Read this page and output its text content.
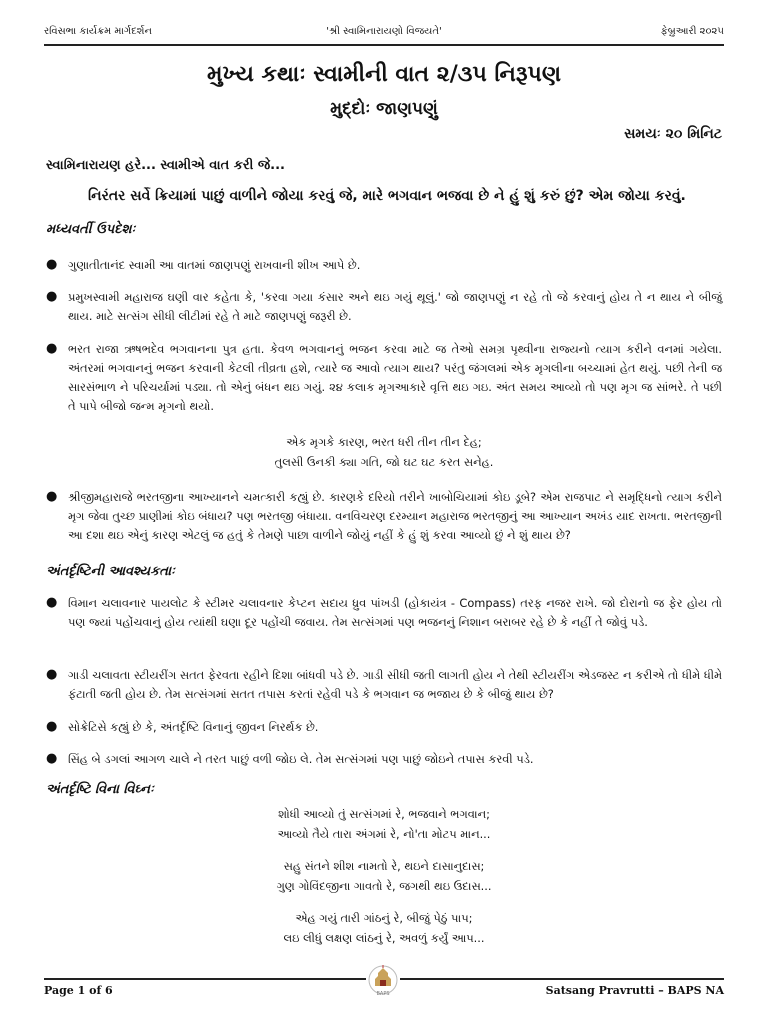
રવિસભા કાર્યક્રમ માર્ગદર્શન	'શ્રી સ્વામિનારાયણો વિજયતે'	ફેબ્રુઆરી ૨૦૨૫
મુખ્ય કથાઃ સ્વામીની વાત ૨/૩૫ નિરૂપણ
મુદ્દોઃ જાણપણું
સમયઃ ૨૦ મિનિટ
સ્વામિનારાયણ હરે... સ્વામીએ વાત કરી જે...
નિરંતર સર્વે ક્રિયામાં પાછું વાળીને જોયા કરવું જે, મારે ભગવાન ભજવા છે ને હું શું કરું છું? એમ જોયા કરવું.
મધ્યવર્તી ઉપદેશઃ
● ગુણાતીતાનંદ સ્વામી આ વાતમાં જાણપણું રાખવાની શીખ આપે છે.
● પ્રમુખસ્વામી મહારાજ ઘણી વાર કહેતા કે, 'કરવા ગયા કંસાર અને થઇ ગયું થૂલું.' જો જાણપણું ન રહે તો જે કરવાનું હોય તે ન થાય ને બીજું થાય. માટે સત્સંગ સીધી લીટીમાં રહે તે માટે જાણપણું જરૂરી છે.
● ભરત રાજા ઋષભદેવ ભગવાનના પુત્ર હતા. કેવળ ભગવાનનું ભજન કરવા માટે જ તેઓ સમગ્ર પૃથ્વીના રાજ્યનો ત્યાગ કરીને વનમાં ગયેલા. અંતરમાં ભગવાનનું ભજન કરવાની કેટલી તીવ્રતા હશે, ત્યારે જ આવો ત્યાગ થાય? પરંતુ જંગલમાં એક મૃગલીના બચ્ચામાં હેત થયું. પછી તેની જ સારસંભાળ ને પરિચર્યામાં પડ્યા. તો એનું બંધન થઇ ગયું. ૨૪ કલાક મૃગઆકારે વૃત્તિ થઇ ગઇ. અંત સમય આવ્યો તો પણ મૃગ જ સાંભરે. તે પછી તે પાપે બીજો જન્મ મૃગનો થયો.
એક મૃગકે કારણ, ભરત ધરી તીન તીન દેહ;
તુલસી ઉનકી ક્યા ગતિ, જો ઘટ ઘટ કરત સનેહ.
● શ્રીજીમહારાજે ભરતજીના આખ્યાનને ચમત્કારી કહ્યું છે. કારણકે દરિયો તરીને ખાબોચિયામાં કોઇ ડૂબે? એમ રાજપાટ ને સમૃદ્ધિનો ત્યાગ કરીને મૃગ જેવા તુચ્છ પ્રાણીમાં કોઇ બંધાય? પણ ભરતજી બંધાયા. વનવિચરણ દરમ્યાન મહારાજ ભરતજીનું આ આખ્યાન અખંડ યાદ રાખતા. ભરતજીની આ દશા થઇ એનું કારણ એટલું જ હતું કે તેમણે પાછા વાળીને જોયું નહીં કે હું શું કરવા આવ્યો છું ને શું થાય છે?
અંતર્દૃષ્ટિની આવશ્યકતાઃ
● વિમાન ચલાવનાર પાયલોટ કે સ્ટીમર ચલાવનાર કેપ્ટન સદાય ધ્રુવ પાંખડી (હોકાયંત્ર - Compass) તરફ નજર રાખે. જો દોરાનો જ ફેર હોય તો પણ જ્યાં પહોંચવાનું હોય ત્યાંથી ઘણા દૂર પહોંચી જવાય. તેમ સત્સંગમાં પણ ભજનનું નિશાન બરાબર રહે છે કે નહીં તે જોવું પડે.
● ગાડી ચલાવતા સ્ટીયરીંગ સતત ફેરવતા રહીને દિશા બાંધવી પડે છે. ગાડી સીધી જતી લાગતી હોય ને તેથી સ્ટીયરીંગ એડજસ્ટ ન કરીએ તો ધીમે ધીમે ફંટાતી જતી હોય છે. તેમ સત્સંગમાં સતત તપાસ કરતાં રહેવી પડે કે ભગવાન જ ભજાય છે કે બીજું થાય છે?
● સોક્રેટિસે કહ્યું છે કે, અંતર્દૃષ્ટિ વિનાનું જીવન નિરર્થક છે.
● સિંહ બે ડગલાં આગળ ચાલે ને તરત પાછું વળી જોઇ લે. તેમ સત્સંગમાં પણ પાછું જોઇને તપાસ કરવી પડે.
અંતર્દૃષ્ટિ વિના વિઘ્નઃ
શોધી આવ્યો તું સત્સંગમાં રે, ભજવાને ભગવાન;
આવ્યો તૈયે તારા અંગમાં રે, નો'તા મોટપ માન...
સહુ સંતને શીશ નામતો રે, થઇને દાસાનુદાસ;
ગુણ ગોવિંદજીના ગાવતો રે, જગથી થઇ ઉદાસ...
એહ ગયું તારી ગાંઠનું રે, બીજું પેઠું પાપ;
લઇ લીધું લક્ષણ લાંઠનું રે, અવળું કર્યું આપ...
Page 1 of 6	Satsang Pravrutti – BAPS NA
BAPS
